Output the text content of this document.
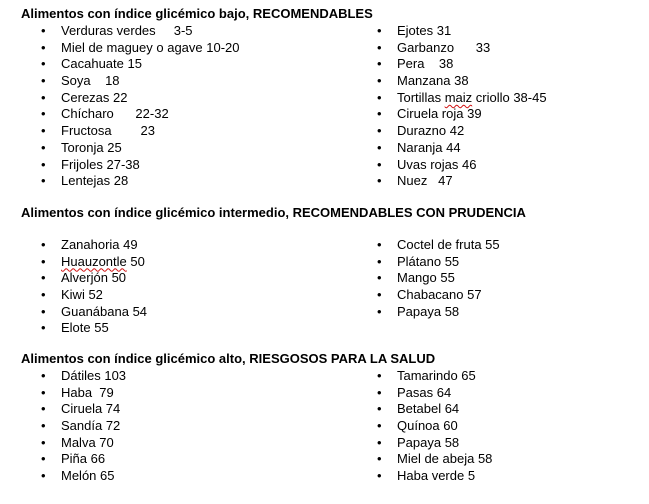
Alimentos con índice glicémico bajo, RECOMENDABLES
• Verduras verdes     3-5
• Miel de maguey o agave 10-20
• Cacahuate 15
• Soya    18
• Cerezas 22
• Chícharo      22-32
• Fructosa        23
• Toronja 25
• Frijoles 27-38
• Lentejas 28
• Ejotes 31
• Garbanzo      33
• Pera    38
• Manzana 38
• Tortillas maiz criollo 38-45
• Ciruela roja 39
• Durazno 42
• Naranja 44
• Uvas rojas 46
• Nuez   47
Alimentos con índice glicémico intermedio, RECOMENDABLES CON PRUDENCIA
• Zanahoria 49
• Huauzontle 50
• Alverjón 50
• Kiwi 52
• Guanábana 54
• Elote 55
• Coctel de fruta 55
• Plátano 55
• Mango 55
• Chabacano 57
• Papaya 58
Alimentos con índice glicémico alto, RIESGOSOS PARA LA SALUD
• Dátiles 103
• Haba  79
• Ciruela 74
• Sandía 72
• Malva 70
• Piña 66
• Melón 65
• Tamarindo 65
• Pasas 64
• Betabel 64
• Quínoa 60
• Papaya 58
• Miel de abeja 58
• Haba verde 5
